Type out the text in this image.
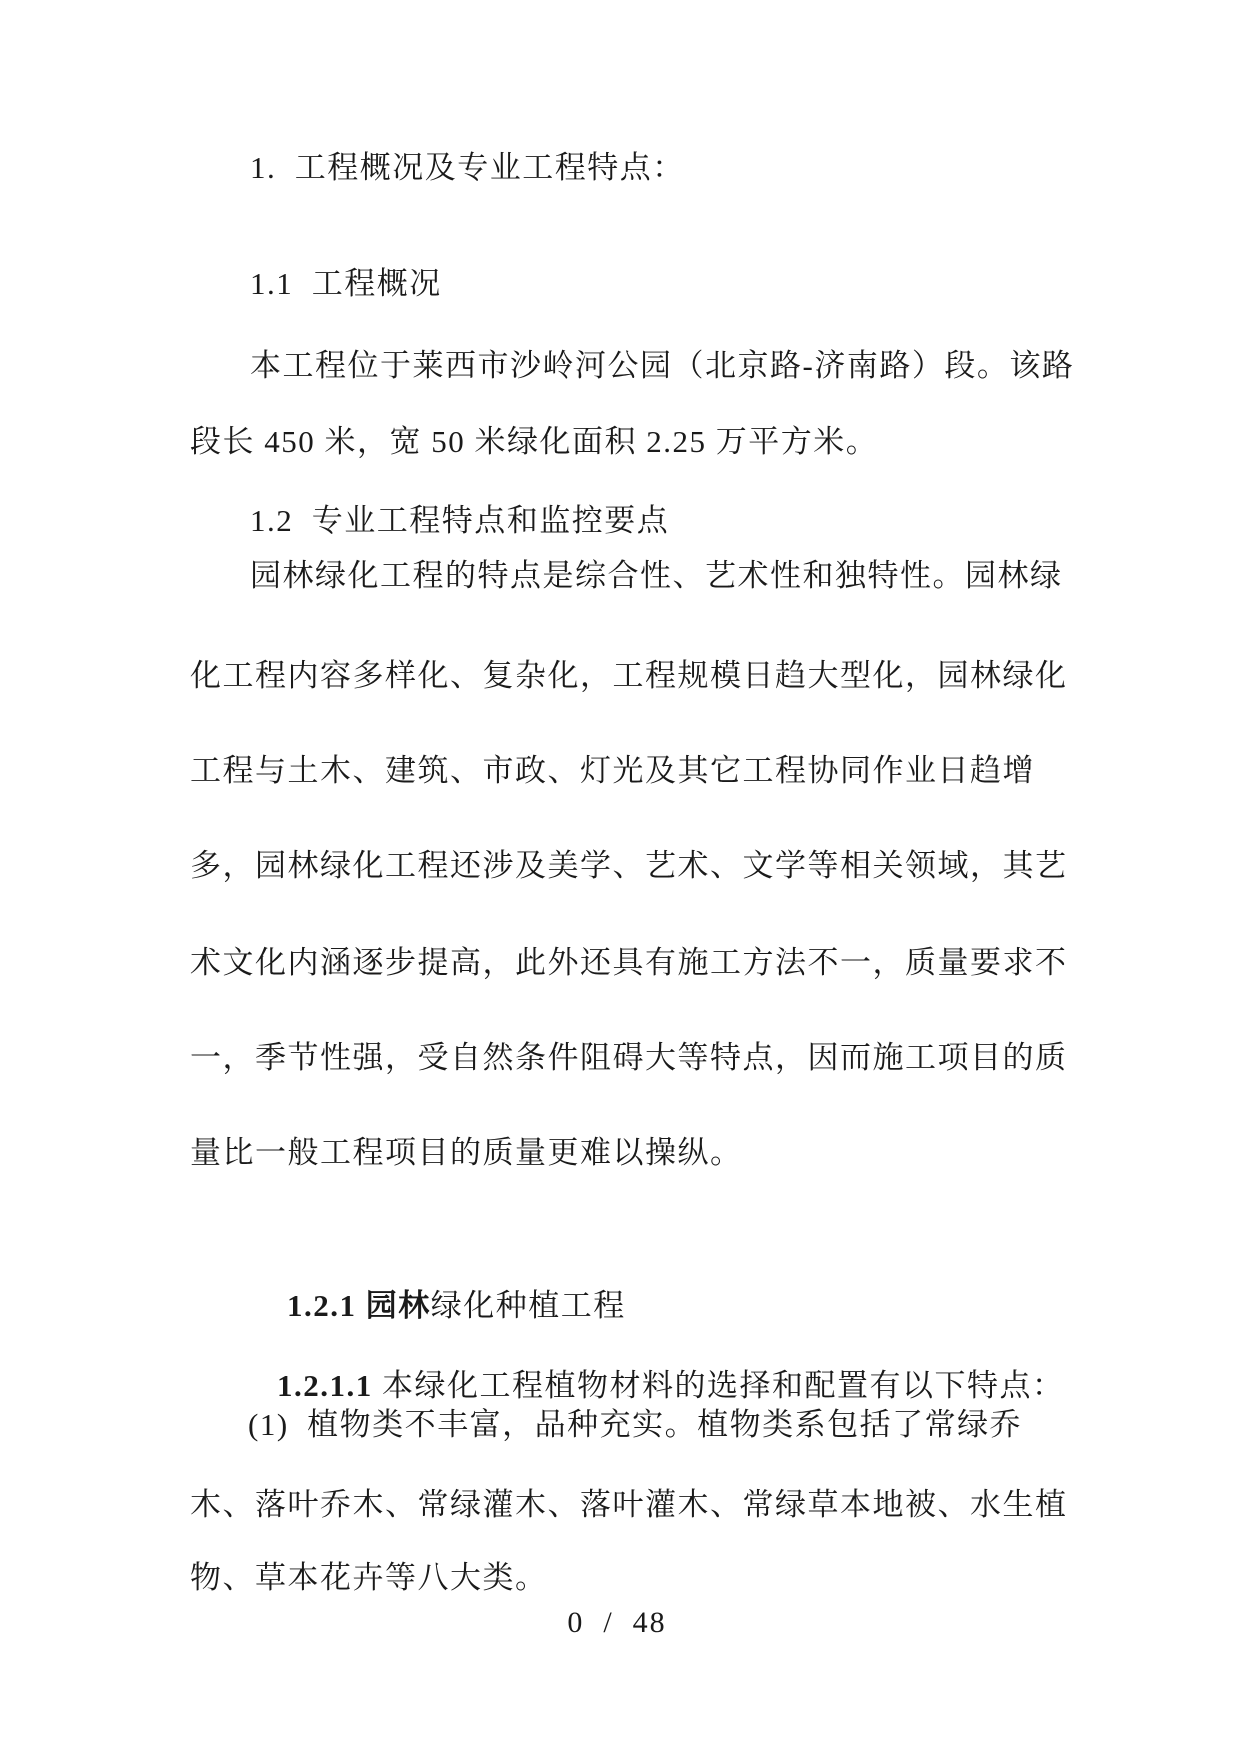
1.  工程概况及专业工程特点：
1.1  工程概况
本工程位于莱西市沙岭河公园（北京路-济南路）段。该路
段长 450 米，宽 50 米绿化面积 2.25 万平方米。
1.2  专业工程特点和监控要点
园林绿化工程的特点是综合性、艺术性和独特性。园林绿
化工程内容多样化、复杂化，工程规模日趋大型化，园林绿化
工程与土木、建筑、市政、灯光及其它工程协同作业日趋增
多，园林绿化工程还涉及美学、艺术、文学等相关领域，其艺
术文化内涵逐步提高，此外还具有施工方法不一，质量要求不
一，季节性强，受自然条件阻碍大等特点，因而施工项目的质
量比一般工程项目的质量更难以操纵。

1.2.1 园林绿化种植工程

1.2.1.1 本绿化工程植物材料的选择和配置有以下特点：

(1)  植物类不丰富，品种充实。植物类系包括了常绿乔
木、落叶乔木、常绿灌木、落叶灌木、常绿草本地被、水生植
物、草本花卉等八大类。
0  /  48
